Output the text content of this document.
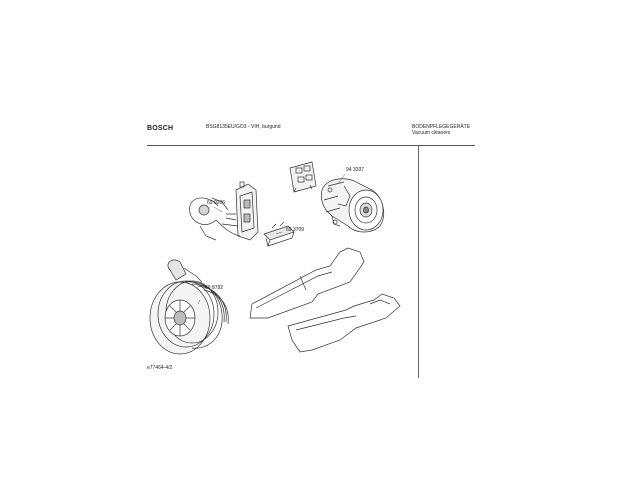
BOSCH	BSG8135EU/GO3 - VIH, burgund	BODENPFLEGEGERÄTE
Vacuum cleaners
94 3337
69 9206
69 3709
69 8792
e77464-4/2
